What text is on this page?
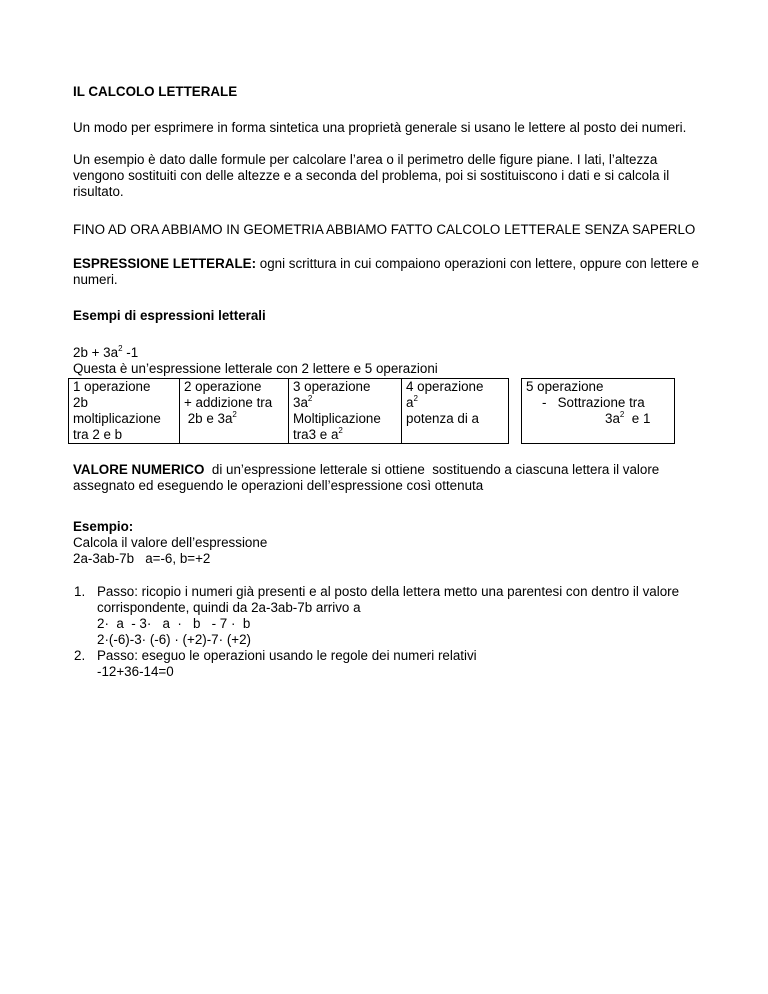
IL CALCOLO LETTERALE
Un modo per esprimere in forma sintetica una proprietà generale si usano le lettere al posto dei numeri.
Un esempio è dato dalle formule per calcolare l’area o il perimetro delle figure piane. I lati, l’altezza vengono sostituiti con delle altezze e a seconda del problema, poi si sostituiscono i dati e si calcola il risultato.
FINO AD ORA ABBIAMO IN GEOMETRIA ABBIAMO FATTO CALCOLO LETTERALE SENZA SAPERLO
ESPRESSIONE LETTERALE: ogni scrittura in cui compaiono operazioni con lettere, oppure con lettere e numeri.
Esempi di espressioni letterali
$2b + 3a^2$ -1
Questa è un’espressione letterale con 2 lettere e 5 operazioni
1 operazione
2b
moltiplicazione
tra 2 e b

2 operazione
+ addizione tra
2b e $3a^2$

3 operazione
$3a^2$
Moltiplicazione
tra3 e $a^2$

4 operazione
$a^2$
potenza di a

5 operazione
-   Sottrazione tra
$3a^2$  e 1
VALORE NUMERICO  di un’espressione letterale si ottiene  sostituendo a ciascuna lettera il valore assegnato ed eseguendo le operazioni dell’espressione così ottenuta
Esempio:
Calcola il valore dell’espressione
2a-3ab-7b   a=-6, b=+2
1. Passo: ricopio i numeri già presenti e al posto della lettera metto una parentesi con dentro il valore corrispondente, quindi da 2a-3ab-7b arrivo a
2·  a  - 3·   a  ·   b   - 7 ·  b
2·(-6)-3· (-6) · (+2)-7· (+2)
2. Passo: eseguo le operazioni usando le regole dei numeri relativi
-12+36-14=0
